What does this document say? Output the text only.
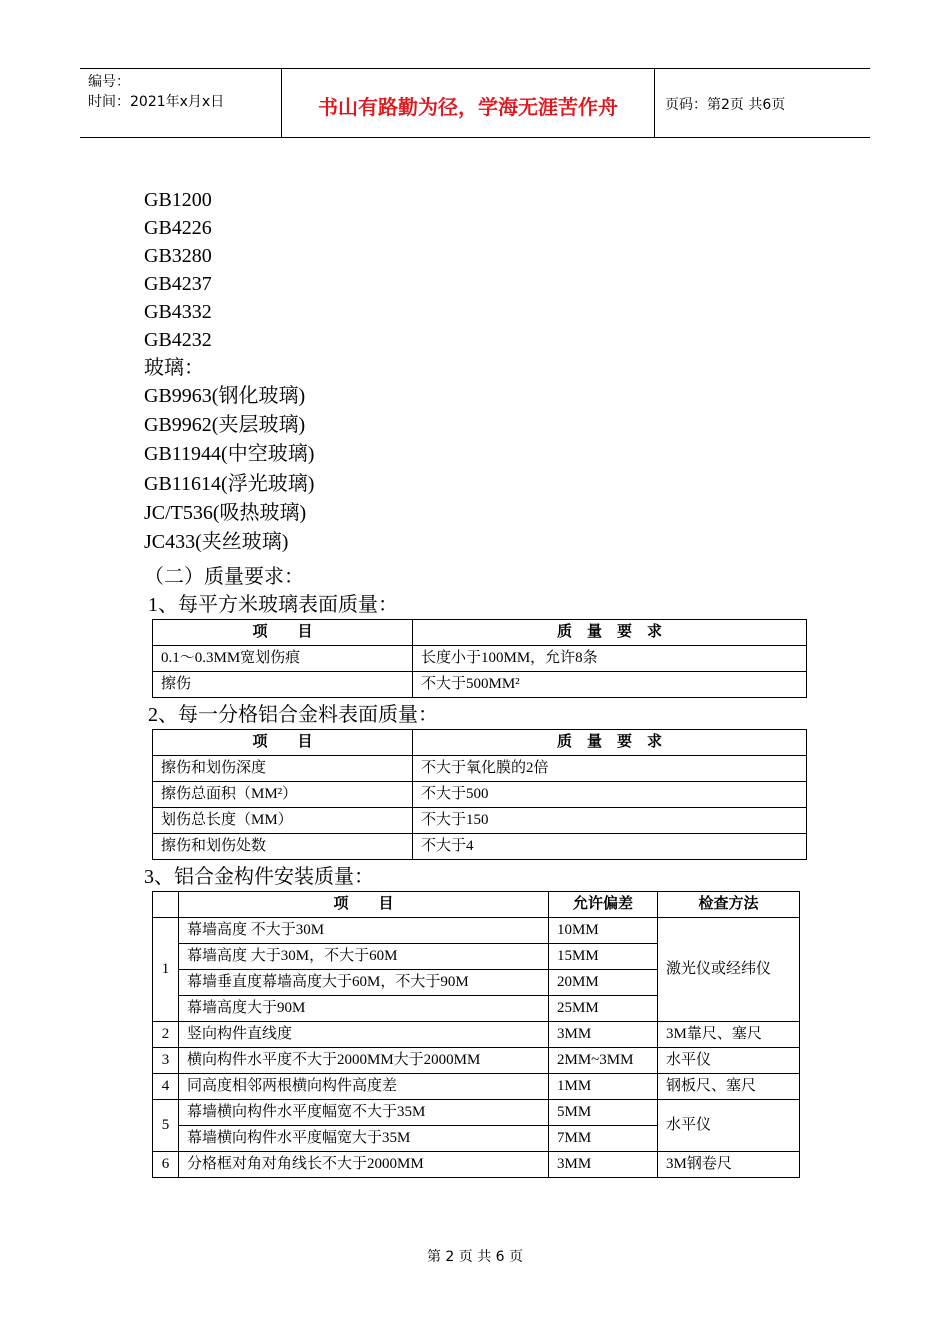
编号：
时间：2021年x月x日	书山有路勤为径，学海无涯苦作舟	页码：第2页 共6页
GB1200
GB4226
GB3280
GB4237
GB4332
GB4232
玻璃：
GB9963(钢化玻璃)
GB9962(夹层玻璃)
GB11944(中空玻璃)
GB11614(浮光玻璃)
JC/T536(吸热玻璃)
JC433(夹丝玻璃)
（二）质量要求：
1、每平方米玻璃表面质量：
项　　目	质　量　要　求
0.1～0.3MM宽划伤痕	长度小于100MM，允许8条
擦伤	不大于500MM²
2、每一分格铝合金料表面质量：
项　　目	质　量　要　求
擦伤和划伤深度	不大于氧化膜的2倍
擦伤总面积（MM²）	不大于500
划伤总长度（MM）	不大于150
擦伤和划伤处数	不大于4
3、铝合金构件安装质量：
	项　　目	允许偏差	检查方法
1	幕墙高度 不大于30M	10MM	激光仪或经纬仪
	幕墙高度 大于30M，不大于60M	15MM	
	幕墙垂直度幕墙高度大于60M，不大于90M	20MM	
	幕墙高度大于90M	25MM	
2	竖向构件直线度	3MM	3M靠尺、塞尺
3	横向构件水平度不大于2000MM大于2000MM	2MM~3MM	水平仪
4	同高度相邻两根横向构件高度差	1MM	钢板尺、塞尺
5	幕墙横向构件水平度幅宽不大于35M	5MM	水平仪
	幕墙横向构件水平度幅宽大于35M	7MM	
6	分格框对角对角线长不大于2000MM	3MM	3M钢卷尺
第 2 页 共 6 页
